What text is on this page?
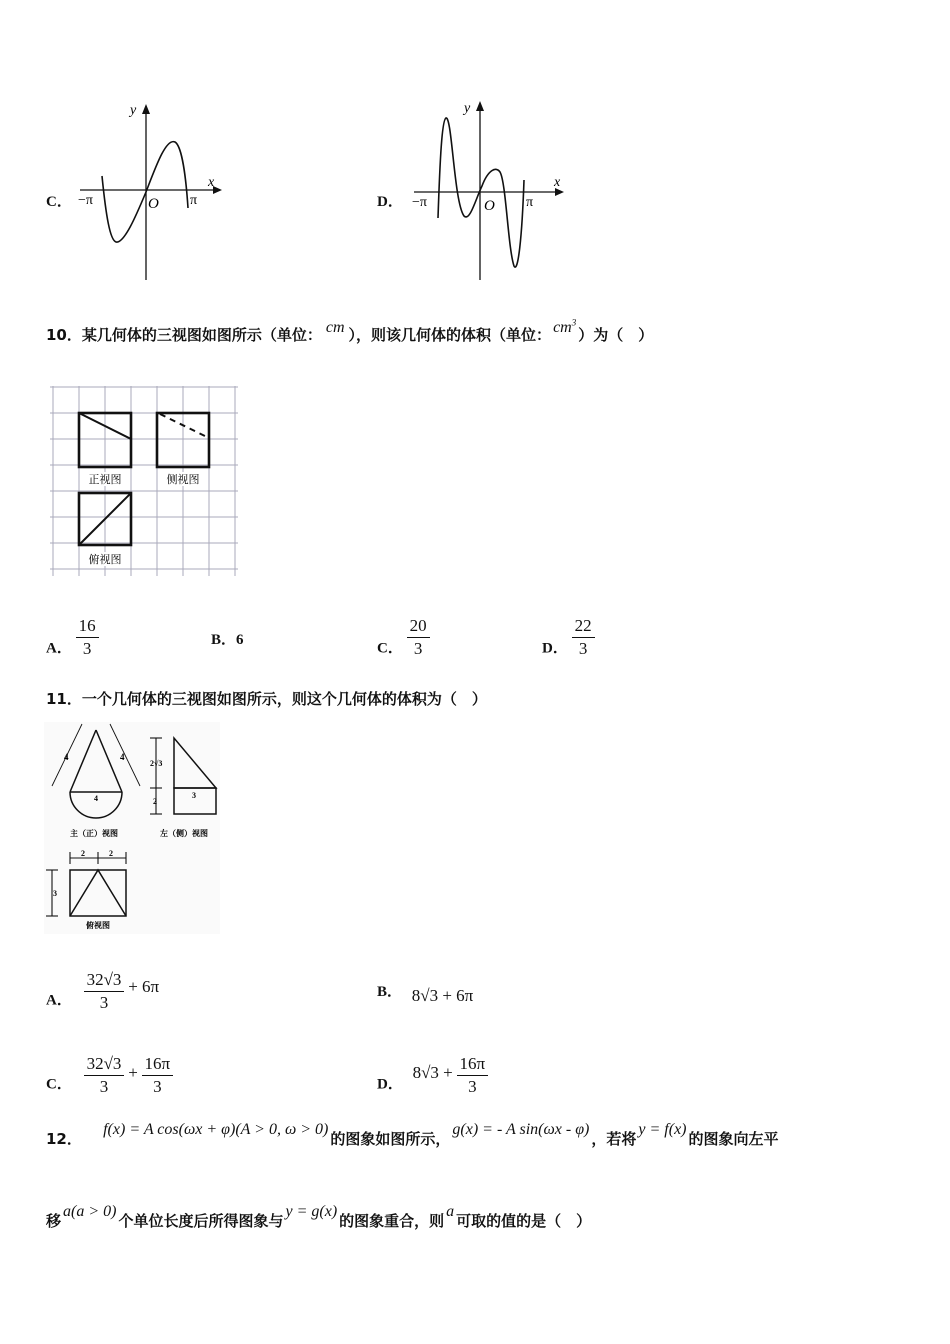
C． −π	π
O
x
y
D． −π	π
O
x
y
10．某几何体的三视图如图所示（单位： cm ），则该几何体的体积（单位： $cm^3$）为（　）
正视图	侧视图
俯视图
A． $\frac{16}{3}$	B．6
C． $\frac{20}{3}$	D． $\frac{22}{3}$
11．一个几何体的三视图如图所示，则这个几何体的体积为（　）
4	4
4
主（正）视图
2√3
2
3
左（侧）视图
2	2
3
俯视图
A． $\frac{32√3}{3} + 6\pi$	B． 8√3 + 6π
C． $\frac{32√3}{3} + \frac{16\pi}{3}$	D． $8√3 + \frac{16\pi}{3}$
12． f(x) = A cos(ωx + φ)(A > 0, ω > 0)的图象如图所示，g(x) = - A sin(ωx - φ)，若将y = f(x)的图象向左平
移a(a > 0)个单位长度后所得图象与y = g(x)的图象重合，则a可取的值的是（　）
